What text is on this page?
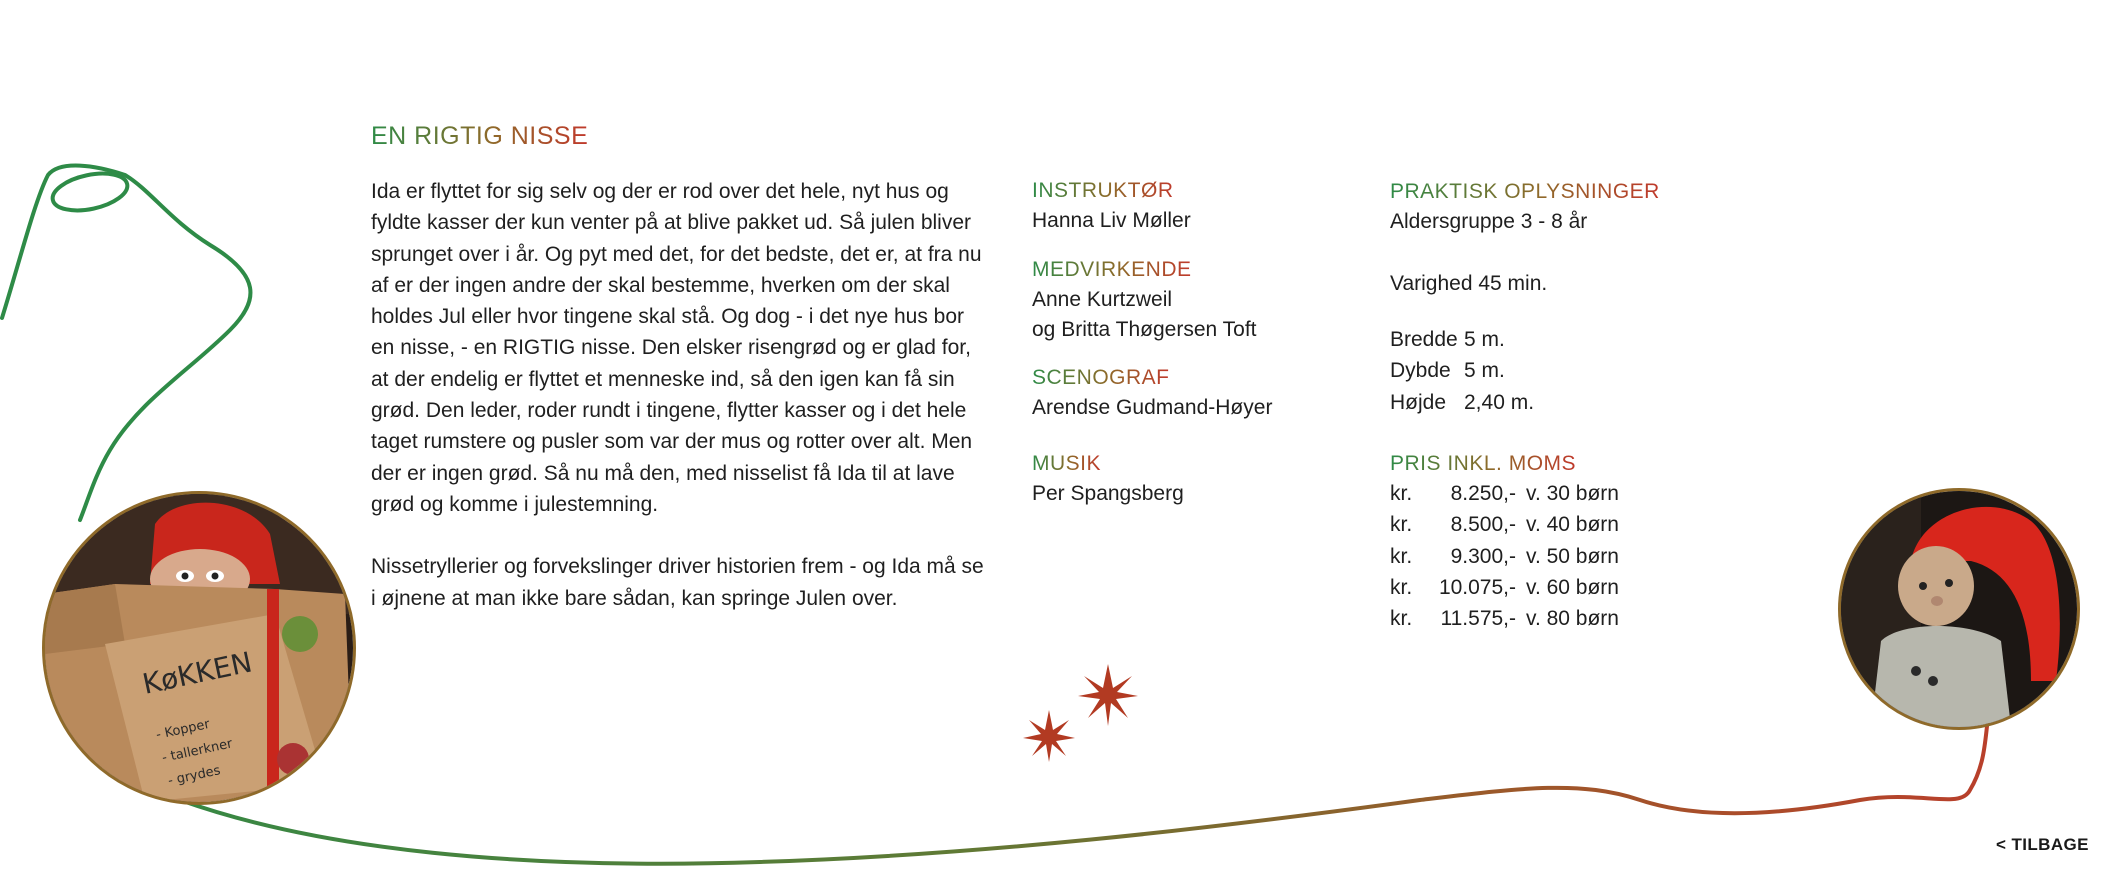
EN RIGTIG NISSE

Ida er flyttet for sig selv og der er rod over det hele, nyt hus og fyldte kasser der kun venter på at blive pakket ud. Så julen bliver sprunget over i år. Og pyt med det, for det bedste, det er, at fra nu af er der ingen andre der skal bestemme, hverken om der skal holdes Jul eller hvor tingene skal stå. Og dog - i det nye hus bor en nisse, - en RIGTIG nisse. Den elsker risengrød og er glad for, at der endelig er flyttet et menneske ind, så den igen kan få sin grød. Den leder, roder rundt i tingene, flytter kasser og i det hele taget rumstere og pusler som var der mus og rotter over alt. Men der er ingen grød. Så nu må den, med nisselist få Ida til at lave grød og komme i julestemning.

Nissetryllerier og forvekslinger driver historien frem - og Ida må se i øjnene at man ikke bare sådan, kan springe Julen over.

INSTRUKTØR
Hanna Liv Møller
MEDVIRKENDE
Anne Kurtzweil
og Britta Thøgersen Toft
SCENOGRAF
Arendse Gudmand-Høyer
MUSIK
Per Spangsberg
PRAKTISK OPLYSNINGER
Aldersgruppe 3 - 8 år
Varighed 45 min.
Bredde 5 m.
Dybde 5 m.
Højde 2,40 m.
PRIS INKL. MOMS
kr.	8.250,- v. 30 børn
kr.	8.500,- v. 40 børn
kr.	9.300,- v. 50 børn
kr.	10.075,- v. 60 børn
kr.	11.575,- v. 80 børn
KøKKEN
- Kopper
- tallerkner
- grydes
< TILBAGE
